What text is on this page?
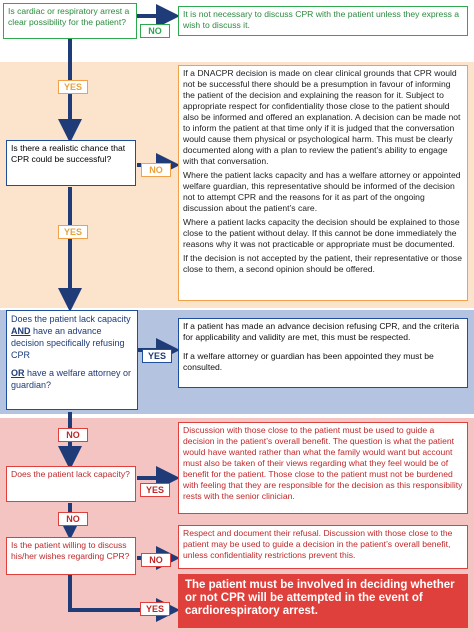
Is cardiac or respiratory arrest a clear possibility for the patient?
NO
It is not necessary to discuss CPR with the patient unless they express a wish to discuss it.
YES
Is there a realistic chance that CPR could be successful?
NO

If a DNACPR decision is made on clear clinical grounds that CPR would not be successful there should be a presumption in favour of informing the patient of the decision and explaining the reason for it. Subject to appropriate respect for confidentiality those close to the patient should also be informed and offered an explanation. A decision can be made not to inform the patient at that time only if it is judged that the conversation would cause them physical or psychological harm. This must be clearly documented along with a plan to review the patient’s ability to engage with that conversation.

Where the patient lacks capacity and has a welfare attorney or appointed welfare guardian, this representative should be informed of the decision not to attempt CPR and the reasons for it as part of the ongoing discussion about the patient’s care.

Where a patient lacks capacity the decision should be explained to those close to the patient without delay. If this cannot be done immediately the reasons why it was not practicable or appropriate must be documented.

If the decision is not accepted by the patient, their representative or those close to them, a second opinion should be offered.

YES
Does the patient lack capacity AND have an advance decision specifically refusing CPR
OR have a welfare attorney or guardian?
YES

If a patient has made an advance decision refusing CPR, and the criteria for applicability and validity are met, this must be respected.

If a welfare attorney or guardian has been appointed they must be consulted.

NO
Does the patient lack capacity?
YES
Discussion with those close to the patient must be used to guide a decision in the patient’s overall benefit. The question is what the patient would have wanted rather than what the family would want but account must also be taken of their views regarding what they feel would be of benefit for the patient. Those close to the patient must not be burdened with feeling that they are responsible for the decision as this responsibility rests with the senior clinician.
NO
Is the patient willing to discuss his/her wishes regarding CPR?	NO
Respect and document their refusal. Discussion with those close to the patient may be used to guide a decision in the patient’s overall benefit, unless confidentiality restrictions prevent this.
YES
The patient must be involved in deciding whether or not CPR will be attempted in the event of cardiorespiratory arrest.
